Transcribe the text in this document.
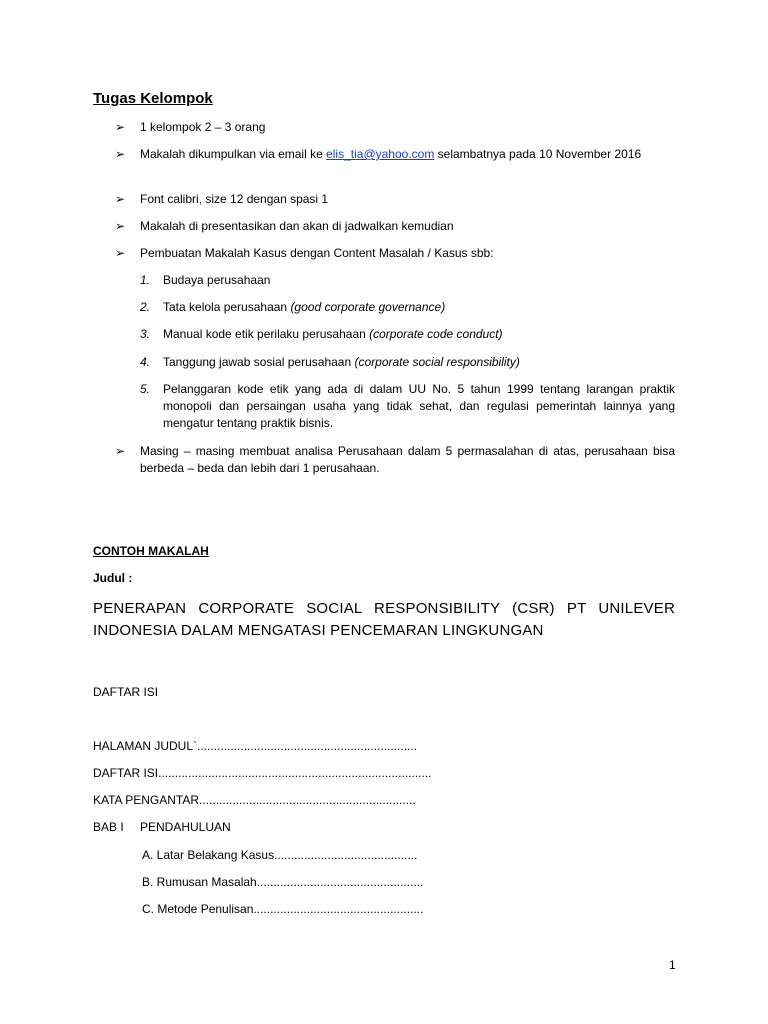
Tugas Kelompok
➢	1 kelompok 2 – 3 orang
➢	Makalah dikumpulkan via email ke elis_tia@yahoo.com selambatnya pada 10 November 2016
➢	Font calibri, size 12 dengan spasi 1
➢	Makalah di presentasikan dan akan di jadwalkan kemudian
➢	Pembuatan Makalah Kasus dengan Content Masalah / Kasus sbb:
1.	Budaya perusahaan
2.	Tata kelola perusahaan (good corporate governance)
3.	Manual kode etik perilaku perusahaan (corporate code conduct)
4.	Tanggung jawab sosial perusahaan (corporate social responsibility)
5.	Pelanggaran kode etik yang ada di dalam UU No. 5 tahun 1999 tentang larangan praktik monopoli dan persaingan usaha yang tidak sehat, dan regulasi pemerintah lainnya yang mengatur tentang praktik bisnis.
➢	Masing – masing membuat analisa Perusahaan dalam 5 permasalahan di atas, perusahaan bisa berbeda – beda dan lebih dari 1 perusahaan.
CONTOH MAKALAH
Judul :
PENERAPAN CORPORATE SOCIAL RESPONSIBILITY (CSR) PT UNILEVER
INDONESIA DALAM MENGATASI PENCEMARAN LINGKUNGAN
DAFTAR ISI
HALAMAN JUDUL`..................................................................
DAFTAR ISI..................................................................................
KATA PENGANTAR.................................................................
BAB I PENDAHULUAN
A. Latar Belakang Kasus...........................................
B. Rumusan Masalah..................................................
C. Metode Penulisan...................................................
1
